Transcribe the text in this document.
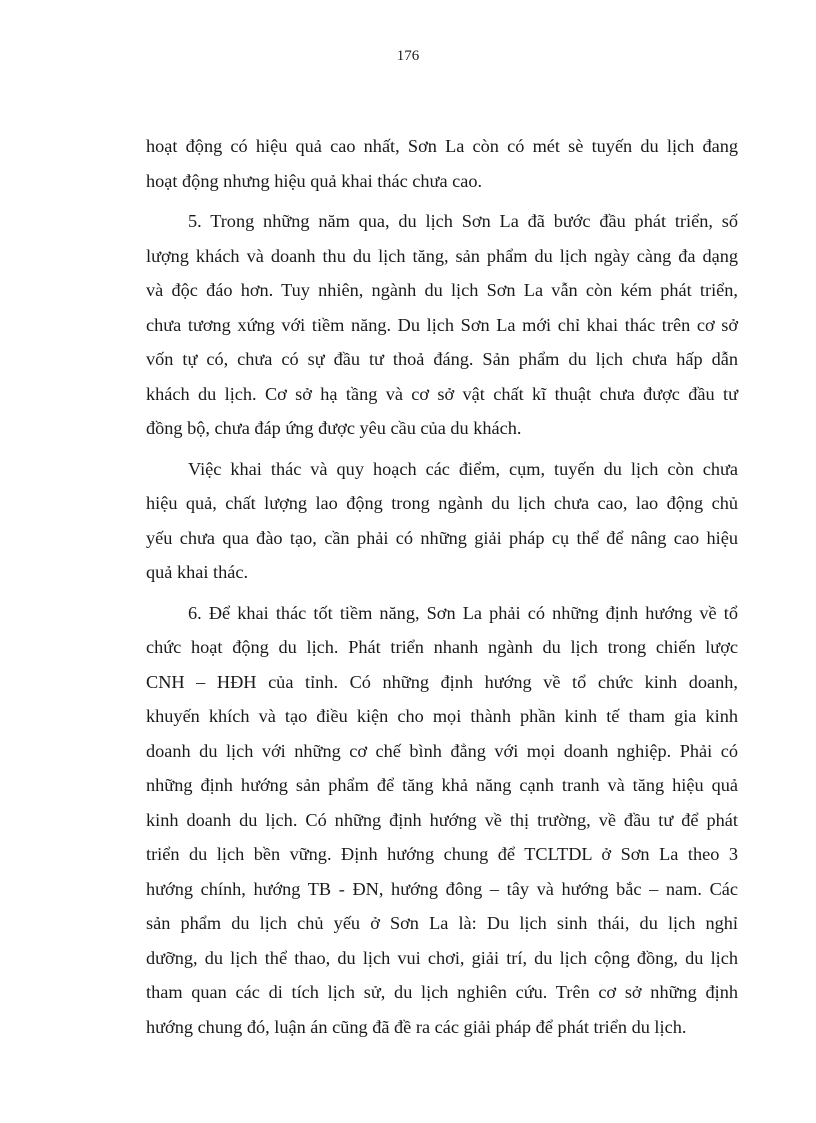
176
hoạt động có hiệu quả cao nhất, Sơn La còn có mét sè tuyến du lịch đang
hoạt động nhưng hiệu quả khai thác chưa cao.
5. Trong những năm qua, du lịch Sơn La đã bước đầu phát triển, số
lượng khách và doanh thu du lịch tăng, sản phẩm du lịch ngày càng đa dạng
và độc đáo hơn. Tuy nhiên, ngành du lịch Sơn La vẫn còn kém phát triển,
chưa tương xứng với tiềm năng. Du lịch Sơn La mới chỉ khai thác trên cơ sở
vốn tự có, chưa có sự đầu tư thoả đáng. Sản phẩm du lịch chưa hấp dẫn
khách du lịch. Cơ sở hạ tầng và cơ sở vật chất kĩ thuật chưa được đầu tư
đồng bộ, chưa đáp ứng được yêu cầu của du khách.
Việc khai thác và quy hoạch các điểm, cụm, tuyến du lịch còn chưa
hiệu quả, chất lượng lao động trong ngành du lịch chưa cao, lao động chủ
yếu chưa qua đào tạo, cần phải có những giải pháp cụ thể để nâng cao hiệu
quả khai thác.
6. Để khai thác tốt tiềm năng, Sơn La phải có những định hướng về tổ
chức hoạt động du lịch. Phát triển nhanh ngành du lịch trong chiến lược
CNH – HĐH của tỉnh. Có những định hướng về tổ chức kinh doanh,
khuyến khích và tạo điều kiện cho mọi thành phần kinh tế tham gia kinh
doanh du lịch với những cơ chế bình đẳng với mọi doanh nghiệp. Phải có
những định hướng sản phẩm để tăng khả năng cạnh tranh và tăng hiệu quả
kinh doanh du lịch. Có những định hướng về thị trường, về đầu tư để phát
triển du lịch bền vững. Định hướng chung để TCLTDL ở Sơn La theo 3
hướng chính, hướng TB - ĐN, hướng đông – tây và hướng bắc – nam. Các
sản phẩm du lịch chủ yếu ở Sơn La là: Du lịch sinh thái, du lịch nghỉ
dưỡng, du lịch thể thao, du lịch vui chơi, giải trí, du lịch cộng đồng, du lịch
tham quan các di tích lịch sử, du lịch nghiên cứu. Trên cơ sở những định
hướng chung đó, luận án cũng đã đề ra các giải pháp để phát triển du lịch.
